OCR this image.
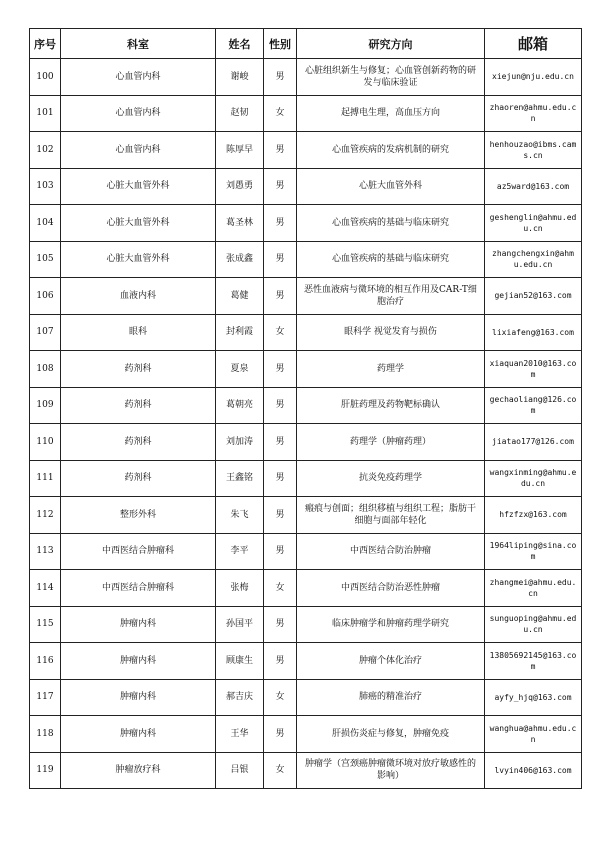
序号	科室	姓名	性别	研究方向	邮箱
100	心血管内科	谢峻	男	心脏组织新生与修复；心血管创新药物的研发与临床验证	xiejun@nju.edu.cn
101	心血管内科	赵韧	女	起搏电生理，高血压方向	zhaoren@ahmu.edu.cn
102	心血管内科	陈厚早	男	心血管疾病的发病机制的研究	henhouzao@ibms.cams.cn
103	心脏大血管外科	刘愚勇	男	心脏大血管外科	az5ward@163.com
104	心脏大血管外科	葛圣林	男	心血管疾病的基础与临床研究	geshenglin@ahmu.edu.cn
105	心脏大血管外科	张成鑫	男	心血管疾病的基础与临床研究	zhangchengxin@ahmu.edu.cn
106	血液内科	葛健	男	恶性血液病与微环境的相互作用及CAR-T细胞治疗	gejian52@163.com
107	眼科	封利霞	女	眼科学 视觉发育与损伤	lixiafeng@163.com
108	药剂科	夏泉	男	药理学	xiaquan2010@163.com
109	药剂科	葛朝亮	男	肝脏药理及药物靶标确认	gechaoliang@126.com
110	药剂科	刘加涛	男	药理学（肿瘤药理）	jiatao177@126.com
111	药剂科	王鑫铭	男	抗炎免疫药理学	wangxinming@ahmu.edu.cn
112	整形外科	朱飞	男	瘢痕与创面；组织移植与组织工程；脂肪干细胞与面部年轻化	hfzfzx@163.com
113	中西医结合肿瘤科	李平	男	中西医结合防治肿瘤	1964liping@sina.com
114	中西医结合肿瘤科	张梅	女	中西医结合防治恶性肿瘤	zhangmei@ahmu.edu.cn
115	肿瘤内科	孙国平	男	临床肿瘤学和肿瘤药理学研究	sunguoping@ahmu.edu.cn
116	肿瘤内科	顾康生	男	肿瘤个体化治疗	13805692145@163.com
117	肿瘤内科	郝吉庆	女	肺癌的精准治疗	ayfy_hjq@163.com
118	肿瘤内科	王华	男	肝损伤炎症与修复，肿瘤免疫	wanghua@ahmu.edu.cn
119	肿瘤放疗科	吕银	女	肿瘤学（宫颈癌肿瘤微环境对放疗敏感性的影响）	lvyin406@163.com
